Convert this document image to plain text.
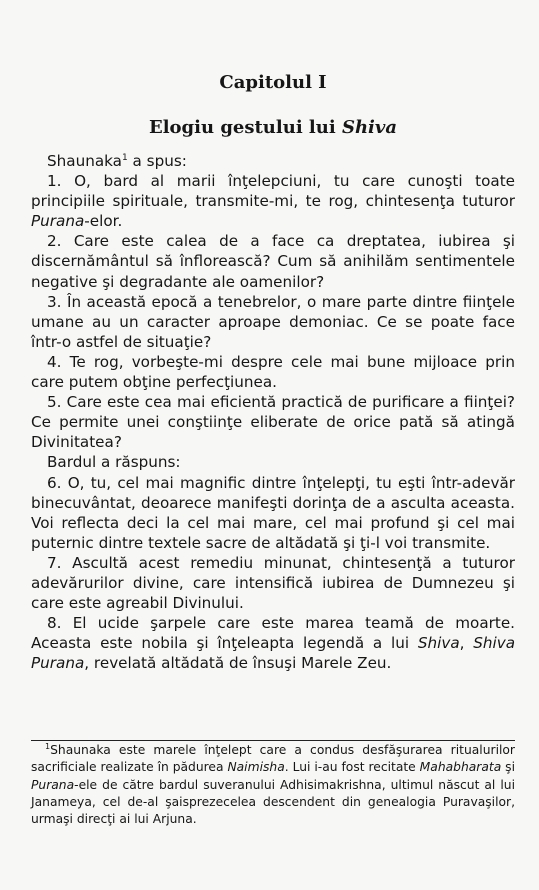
Capitolul I
Elogiu gestului lui Shiva

Shaunaka$^1$ a spus:

1. O, bard al marii înţelepciuni, tu care cunoşti toate principiile spirituale, transmite-mi, te rog, chintesenţa tuturor Purana-elor.

2. Care este calea de a face ca dreptatea, iubirea şi discernământul să înflorească? Cum să anihilăm sentimentele negative şi degradante ale oamenilor?

3. În această epocă a tenebrelor, o mare parte dintre fiinţele umane au un caracter aproape demoniac. Ce se poate face într-o astfel de situaţie?

4. Te rog, vorbeşte-mi despre cele mai bune mijloace prin care putem obţine perfecţiunea.

5. Care este cea mai eficientă practică de purificare a fiinţei? Ce permite unei conştiinţe eliberate de orice pată să atingă Divinitatea?

Bardul a răspuns:

6. O, tu, cel mai magnific dintre înţelepţi, tu eşti într-adevăr binecuvântat, deoarece manifeşti dorinţa de a asculta aceasta. Voi reflecta deci la cel mai mare, cel mai profund şi cel mai puternic dintre textele sacre de altădată şi ţi-l voi transmite.

7. Ascultă acest remediu minunat, chintesenţă a tuturor adevărurilor divine, care intensifică iubirea de Dumnezeu şi care este agreabil Divinului.

8. El ucide şarpele care este marea teamă de moarte. Aceasta este nobila şi înţeleapta legendă a lui Shiva, Shiva Purana, revelată altădată de însuşi Marele Zeu.

$^1$Shaunaka este marele înţelept care a condus desfăşurarea ritualurilor sacrificiale realizate în pădurea Naimisha. Lui i-au fost recitate Mahabharata şi Purana-ele de către bardul suveranului Adhisimakrishna, ultimul născut al lui Janameya, cel de-al şaisprezecelea descendent din genealogia Puravaşilor, urmaşi direcţi ai lui Arjuna.
